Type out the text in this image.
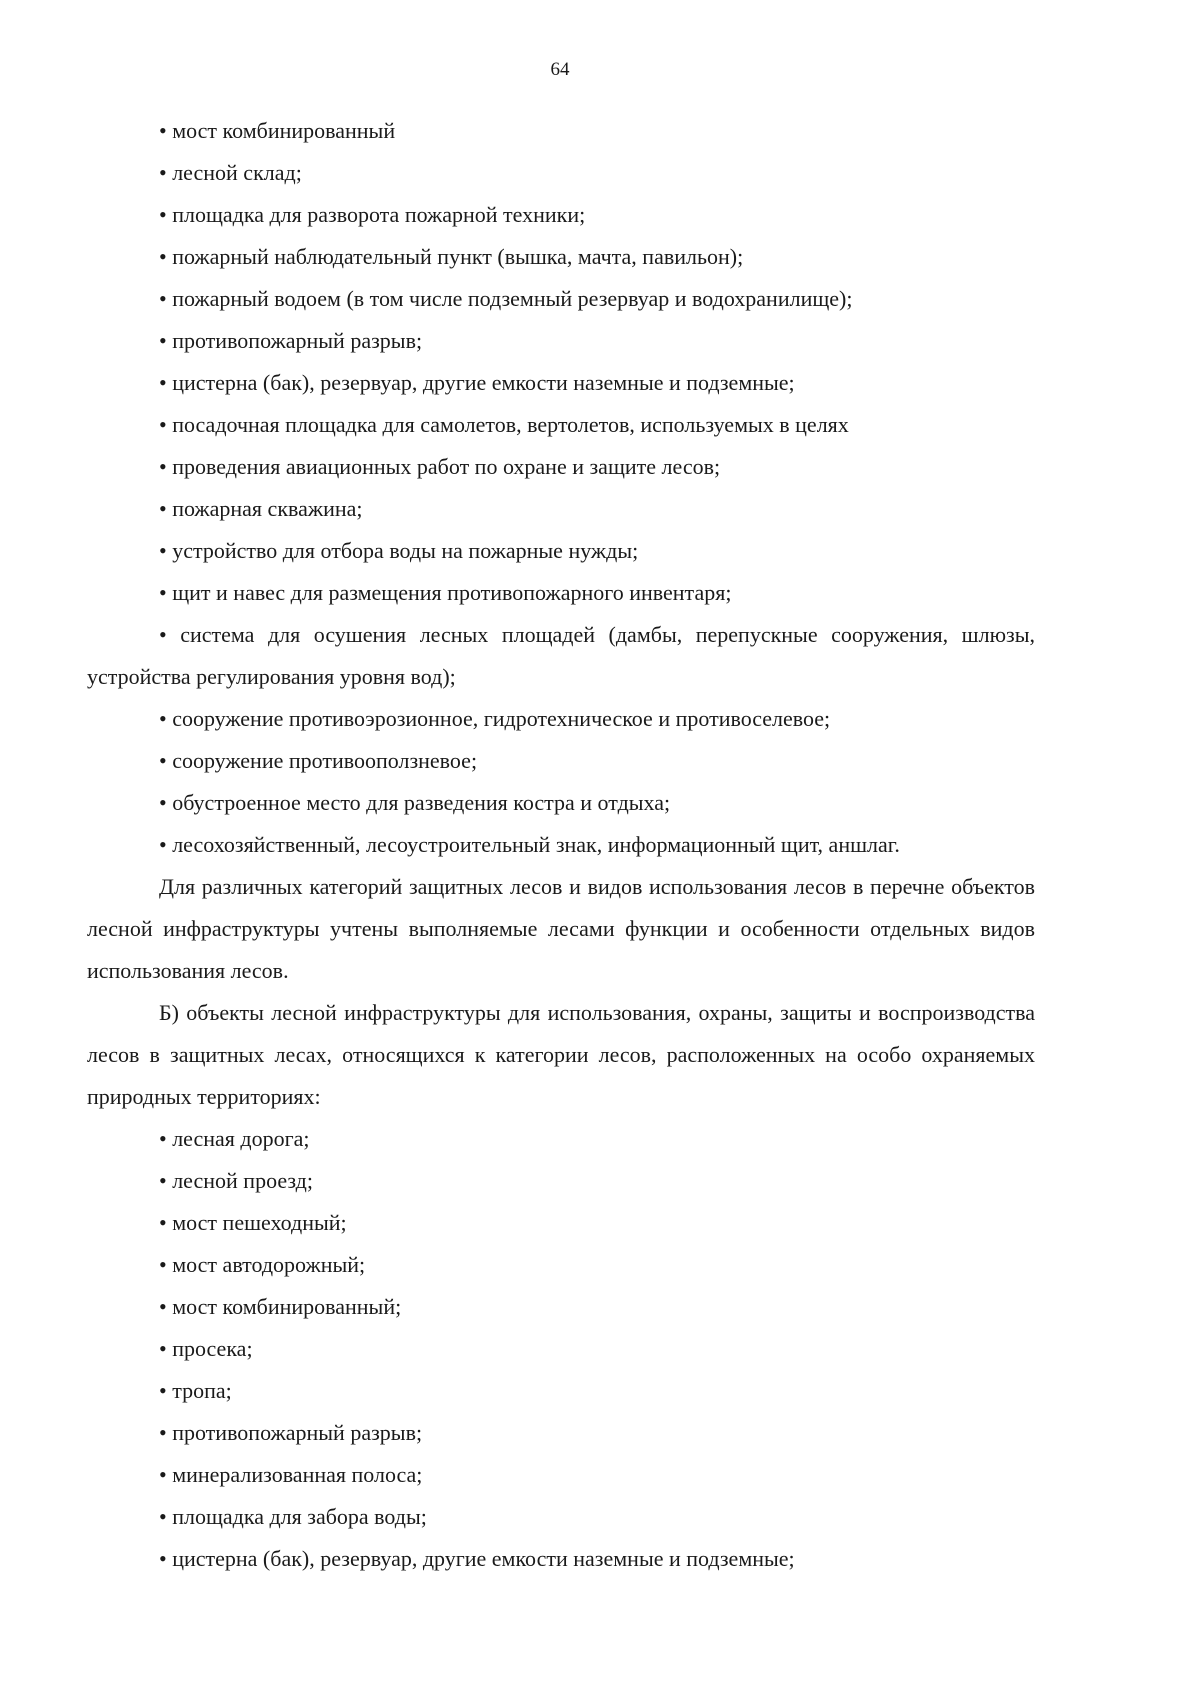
64
• мост комбинированный
• лесной склад;
• площадка для разворота пожарной техники;
• пожарный наблюдательный пункт (вышка, мачта, павильон);
• пожарный водоем (в том числе подземный резервуар и водохранилище);
• противопожарный разрыв;
• цистерна (бак), резервуар, другие емкости наземные и подземные;
• посадочная площадка для самолетов, вертолетов, используемых в целях
• проведения авиационных работ по охране и защите лесов;
• пожарная скважина;
• устройство для отбора воды на пожарные нужды;
• щит и навес для размещения противопожарного инвентаря;
• система для осушения лесных площадей (дамбы, перепускные сооружения, шлюзы, устройства регулирования уровня вод);
• сооружение противоэрозионное, гидротехническое и противоселевое;
• сооружение противооползневое;
• обустроенное место для разведения костра и отдыха;
• лесохозяйственный, лесоустроительный знак, информационный щит, аншлаг.
Для различных категорий защитных лесов и видов использования лесов в перечне объектов лесной инфраструктуры учтены выполняемые лесами функции и особенности отдельных видов использования лесов.
Б) объекты лесной инфраструктуры для использования, охраны, защиты и воспроизводства лесов в защитных лесах, относящихся к категории лесов, расположенных на особо охраняемых природных территориях:
• лесная дорога;
• лесной проезд;
• мост пешеходный;
• мост автодорожный;
• мост комбинированный;
• просека;
• тропа;
• противопожарный разрыв;
• минерализованная полоса;
• площадка для забора воды;
• цистерна (бак), резервуар, другие емкости наземные и подземные;
